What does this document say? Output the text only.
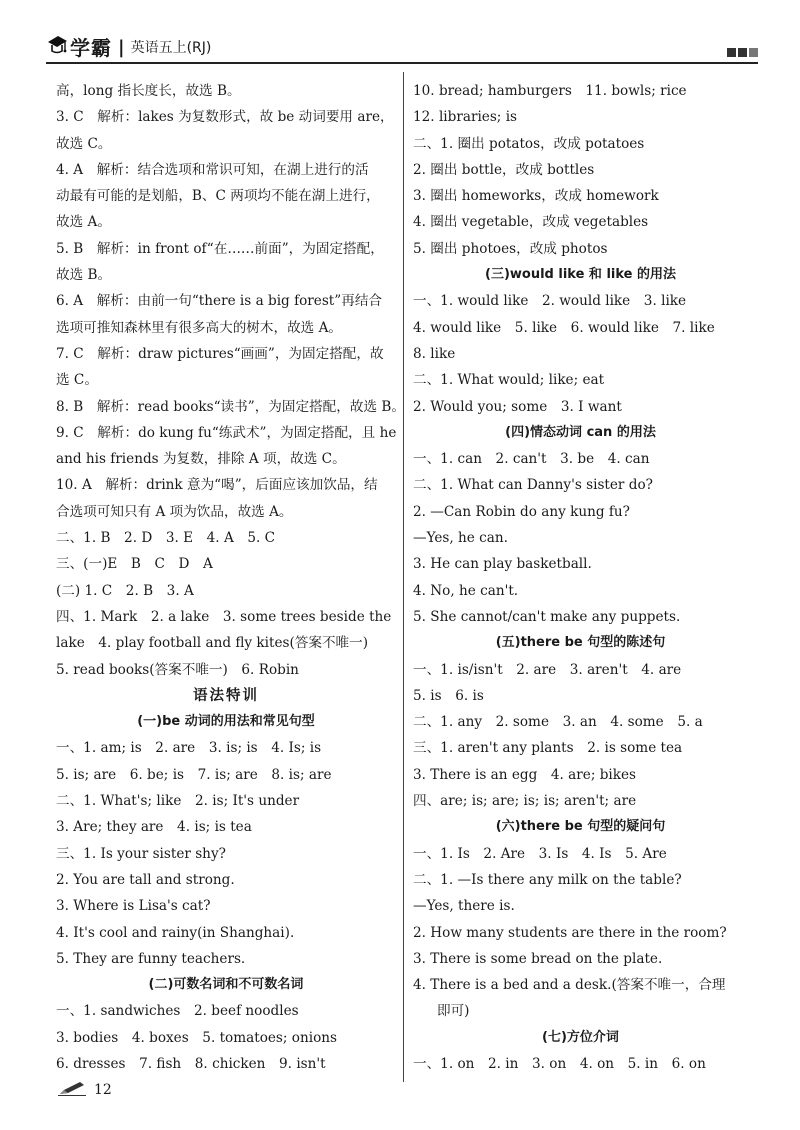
学霸 | 英语五上(RJ)
高，long 指长度长，故选 B。
3. C　解析：lakes 为复数形式，故 be 动词要用 are，
故选 C。
4. A　解析：结合选项和常识可知，在湖上进行的活
动最有可能的是划船，B、C 两项均不能在湖上进行，
故选 A。
5. B　解析：in front of“在……前面”，为固定搭配，
故选 B。
6. A　解析：由前一句“there is a big forest”再结合
选项可推知森林里有很多高大的树木，故选 A。
7. C　解析：draw pictures“画画”，为固定搭配，故
选 C。
8. B　解析：read books“读书”，为固定搭配，故选 B。
9. C　解析：do kung fu“练武术”，为固定搭配，且 he
and his friends 为复数，排除 A 项，故选 C。
10. A　解析：drink 意为“喝”，后面应该加饮品，结
合选项可知只有 A 项为饮品，故选 A。
二、1. B　2. D　3. E　4. A　5. C
三、(一)E　B　C　D　A
(二) 1. C　2. B　3. A
四、1. Mark　2. a lake　3. some trees beside the
lake　4. play football and fly kites(答案不唯一)
5. read books(答案不唯一)　6. Robin
语法特训
(一)be 动词的用法和常见句型
一、1. am; is　2. are　3. is; is　4. Is; is
5. is; are　6. be; is　7. is; are　8. is; are
二、1. What's; like　2. is; It's under
3. Are; they are　4. is; is tea
三、1. Is your sister shy?
2. You are tall and strong.
3. Where is Lisa's cat?
4. It's cool and rainy(in Shanghai).
5. They are funny teachers.
(二)可数名词和不可数名词
一、1. sandwiches　2. beef noodles
3. bodies　4. boxes　5. tomatoes; onions
6. dresses　7. fish　8. chicken　9. isn't
10. bread; hamburgers　11. bowls; rice
12. libraries; is
二、1. 圈出 potatos，改成 potatoes
2. 圈出 bottle，改成 bottles
3. 圈出 homeworks，改成 homework
4. 圈出 vegetable，改成 vegetables
5. 圈出 photoes，改成 photos
(三)would like 和 like 的用法
一、1. would like　2. would like　3. like
4. would like　5. like　6. would like　7. like
8. like
二、1. What would; like; eat
2. Would you; some　3. I want
(四)情态动词 can 的用法
一、1. can　2. can't　3. be　4. can
二、1. What can Danny's sister do?
2. —Can Robin do any kung fu?
—Yes, he can.
3. He can play basketball.
4. No, he can't.
5. She cannot/can't make any puppets.
(五)there be 句型的陈述句
一、1. is/isn't　2. are　3. aren't　4. are
5. is　6. is
二、1. any　2. some　3. an　4. some　5. a
三、1. aren't any plants　2. is some tea
3. There is an egg　4. are; bikes
四、are; is; are; is; is; aren't; are
(六)there be 句型的疑问句
一、1. Is　2. Are　3. Is　4. Is　5. Are
二、1. —Is there any milk on the table?
—Yes, there is.
2. How many students are there in the room?
3. There is some bread on the plate.
4. There is a bed and a desk.(答案不唯一，合理
即可)
(七)方位介词
一、1. on　2. in　3. on　4. on　5. in　6. on
12
